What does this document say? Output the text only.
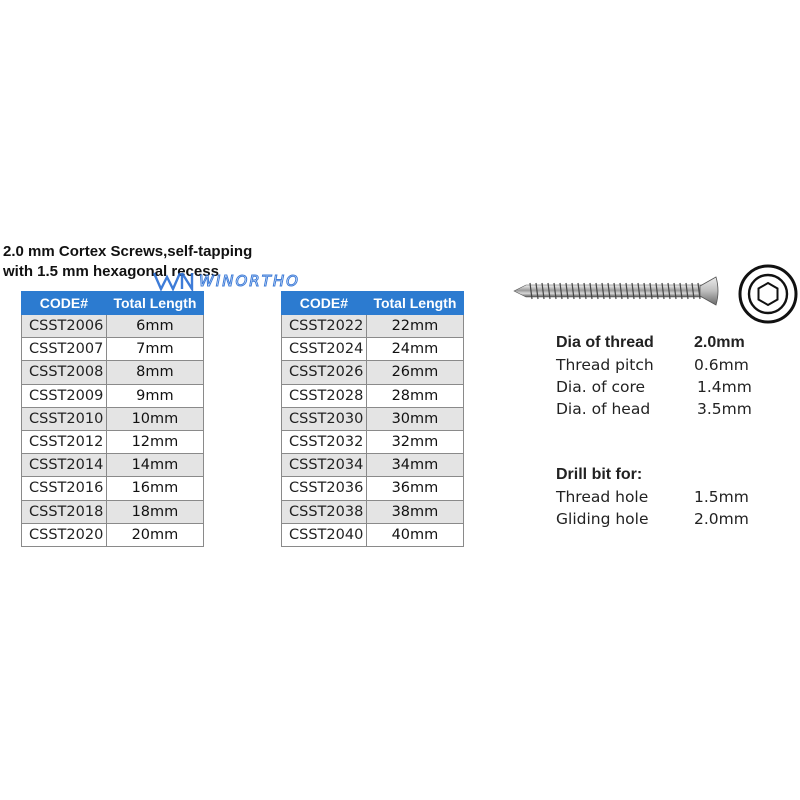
2.0 mm Cortex Screws,self-tapping
with 1.5 mm hexagonal recess
WINORTHO
CODE#	Total Length
CSST2006	6mm
CSST2007	7mm
CSST2008	8mm
CSST2009	9mm
CSST2010	10mm
CSST2012	12mm
CSST2014	14mm
CSST2016	16mm
CSST2018	18mm
CSST2020	20mm
CODE#	Total Length
CSST2022	22mm
CSST2024	24mm
CSST2026	26mm
CSST2028	28mm
CSST2030	30mm
CSST2032	32mm
CSST2034	34mm
CSST2036	36mm
CSST2038	38mm
CSST2040	40mm
Dia of thread	2.0mm
Thread pitch	0.6mm
Dia. of core	1.4mm
Dia. of head	3.5mm
Drill bit for:
Thread hole	1.5mm
Gliding hole	2.0mm
